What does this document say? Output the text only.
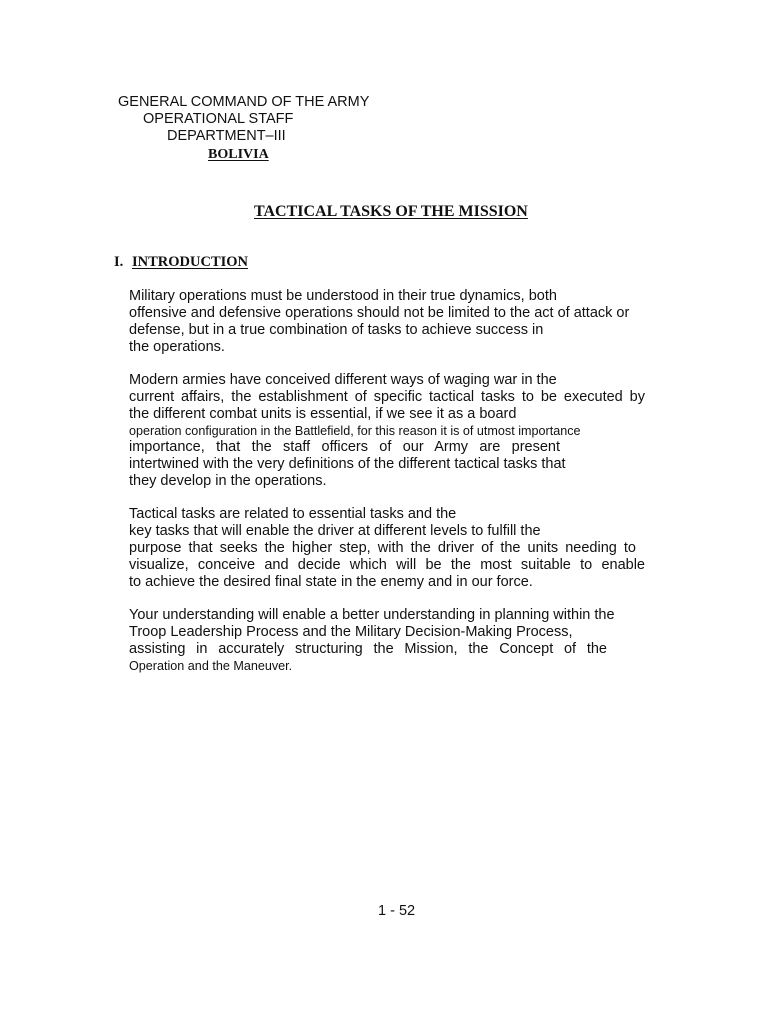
GENERAL COMMAND OF THE ARMY
OPERATIONAL STAFF
DEPARTMENT–III
BOLIVIA
TACTICAL TASKS OF THE MISSION
I. INTRODUCTION
Military operations must be understood in their true dynamics, both
offensive and defensive operations should not be limited to the act of attack or
defense, but in a true combination of tasks to achieve success in
the operations.
Modern armies have conceived different ways of waging war in the
current affairs, the establishment of specific tactical tasks to be executed by
the different combat units is essential, if we see it as a board
operation configuration in the Battlefield, for this reason it is of utmost importance
importance, that the staff officers of our Army are present
intertwined with the very definitions of the different tactical tasks that
they develop in the operations.
Tactical tasks are related to essential tasks and the
key tasks that will enable the driver at different levels to fulfill the
purpose that seeks the higher step, with the driver of the units needing to
visualize, conceive and decide which will be the most suitable to enable
to achieve the desired final state in the enemy and in our force.
Your understanding will enable a better understanding in planning within the
Troop Leadership Process and the Military Decision-Making Process,
assisting in accurately structuring the Mission, the Concept of the
Operation and the Maneuver.
1 - 52
